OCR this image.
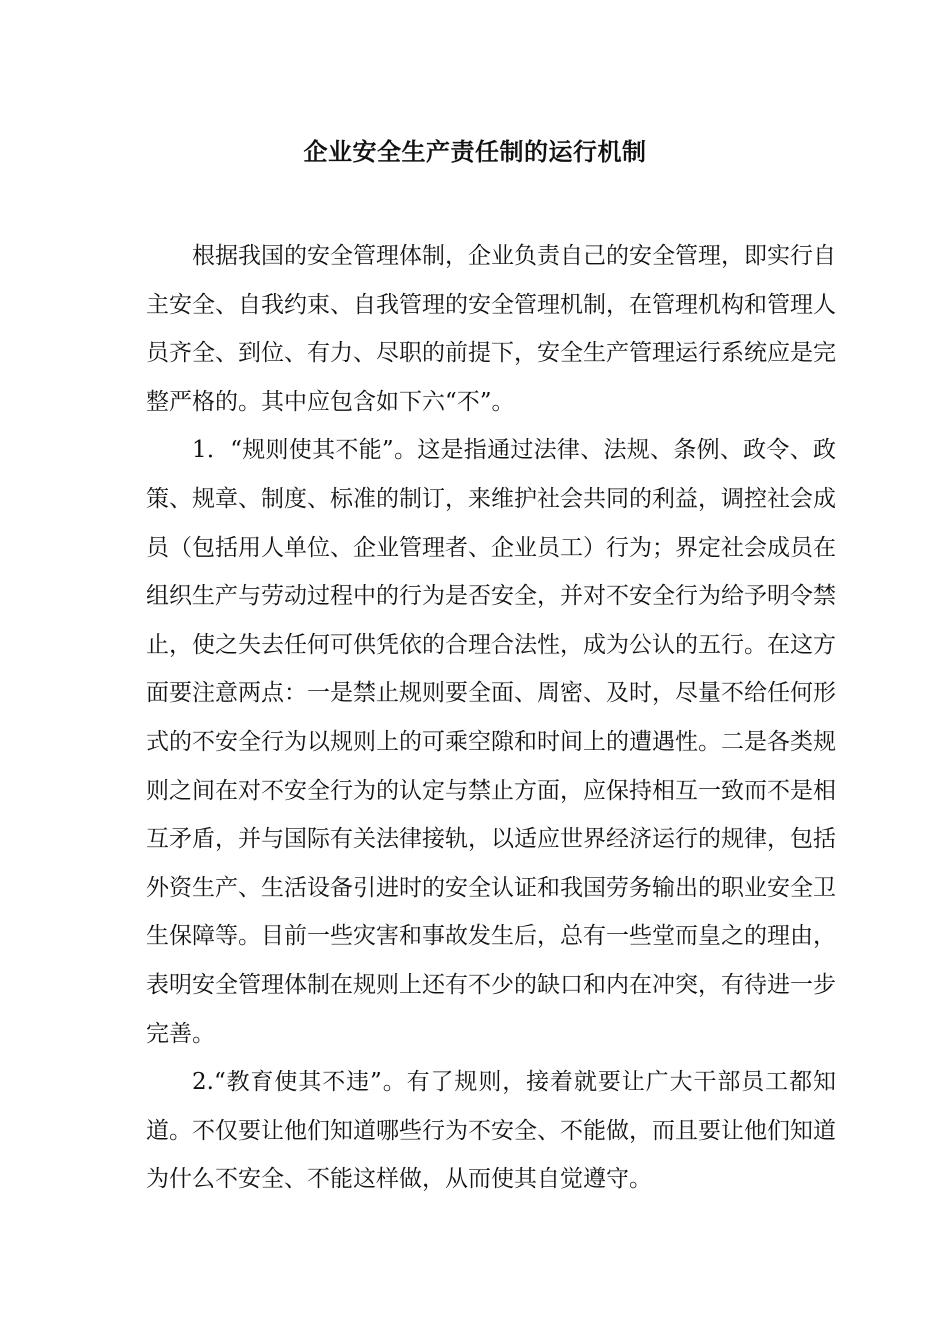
企业安全生产责任制的运行机制

根据我国的安全管理体制，企业负责自己的安全管理，即实行自主安全、自我约束、自我管理的安全管理机制，在管理机构和管理人员齐全、到位、有力、尽职的前提下，安全生产管理运行系统应是完整严格的。其中应包含如下六“不”。

1．“规则使其不能”。这是指通过法律、法规、条例、政令、政策、规章、制度、标准的制订，来维护社会共同的利益，调控社会成员（包括用人单位、企业管理者、企业员工）行为；界定社会成员在组织生产与劳动过程中的行为是否安全，并对不安全行为给予明令禁止，使之失去任何可供凭依的合理合法性，成为公认的五行。在这方面要注意两点：一是禁止规则要全面、周密、及时，尽量不给任何形式的不安全行为以规则上的可乘空隙和时间上的遭遇性。二是各类规则之间在对不安全行为的认定与禁止方面，应保持相互一致而不是相互矛盾，并与国际有关法律接轨，以适应世界经济运行的规律，包括外资生产、生活设备引进时的安全认证和我国劳务输出的职业安全卫生保障等。目前一些灾害和事故发生后，总有一些堂而皇之的理由，表明安全管理体制在规则上还有不少的缺口和内在冲突，有待进一步完善。

2.“教育使其不违”。有了规则，接着就要让广大干部员工都知道。不仅要让他们知道哪些行为不安全、不能做，而且要让他们知道为什么不安全、不能这样做，从而使其自觉遵守。
